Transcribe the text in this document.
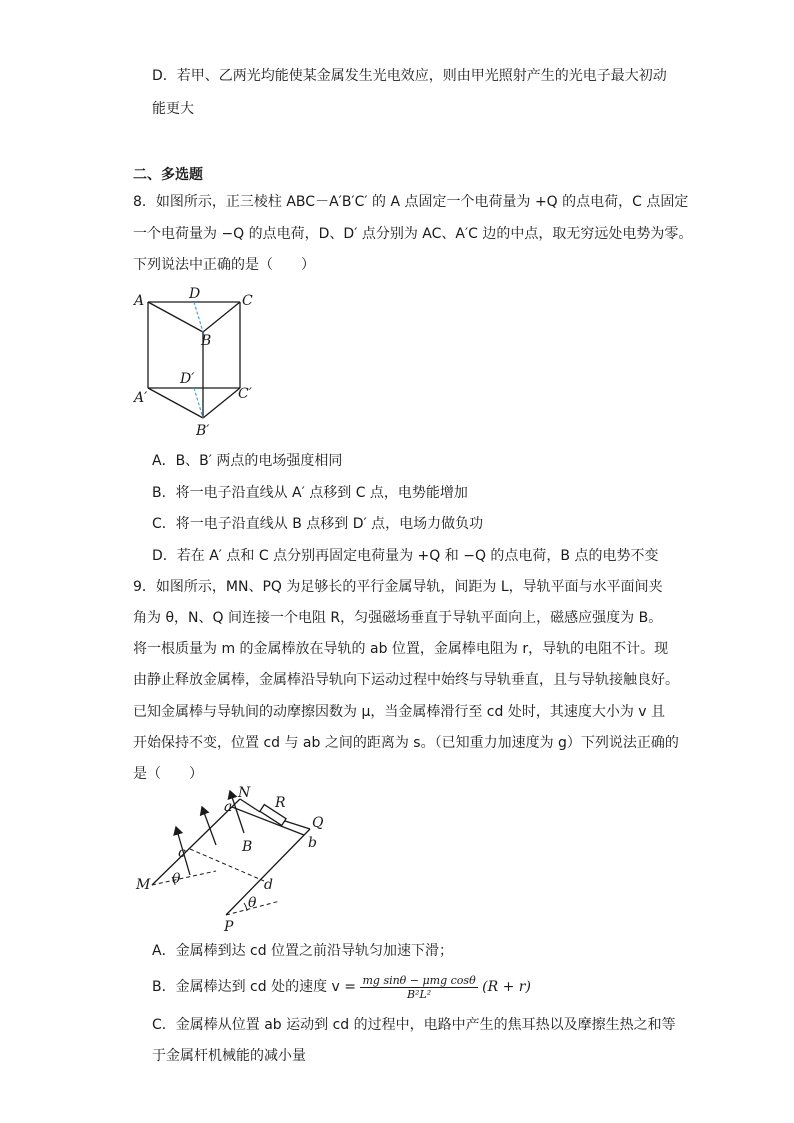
D．若甲、乙两光均能使某金属发生光电效应，则由甲光照射产生的光电子最大初动
能更大
二、多选题
8．如图所示，正三棱柱 ABC－A′B′C′ 的 A 点固定一个电荷量为 +Q 的点电荷，C 点固定
一个电荷量为 −Q 的点电荷，D、D′ 点分别为 AC、A′C 边的中点，取无穷远处电势为零。
下列说法中正确的是（　　）
A	D	C
B
D′
A′	C′
B′
A．B、B′ 两点的电场强度相同
B．将一电子沿直线从 A′ 点移到 C 点，电势能增加
C．将一电子沿直线从 B 点移到 D′ 点，电场力做负功
D．若在 A′ 点和 C 点分别再固定电荷量为 +Q 和 −Q 的点电荷，B 点的电势不变
9．如图所示，MN、PQ 为足够长的平行金属导轨，间距为 L，导轨平面与水平面间夹
角为 θ，N、Q 间连接一个电阻 R，匀强磁场垂直于导轨平面向上，磁感应强度为 B。
将一根质量为 m 的金属棒放在导轨的 ab 位置，金属棒电阻为 r，导轨的电阻不计。现
由静止释放金属棒，金属棒沿导轨向下运动过程中始终与导轨垂直，且与导轨接触良好。
已知金属棒与导轨间的动摩擦因数为 μ，当金属棒滑行至 cd 处时，其速度大小为 v 且
开始保持不变，位置 cd 与 ab 之间的距离为 s。（已知重力加速度为 g）下列说法正确的
是（　　）
a
N
R
Q
b
B
c
M θ	d
θ
P
A．金属棒到达 cd 位置之前沿导轨匀加速下滑；
B．金属棒达到 cd 处的速度 $v = \frac{\text{mg sinθ − μmg cosθ}}{\text{B²L²}} (R + r)$
C．金属棒从位置 ab 运动到 cd 的过程中，电路中产生的焦耳热以及摩擦生热之和等
于金属杆机械能的减小量
